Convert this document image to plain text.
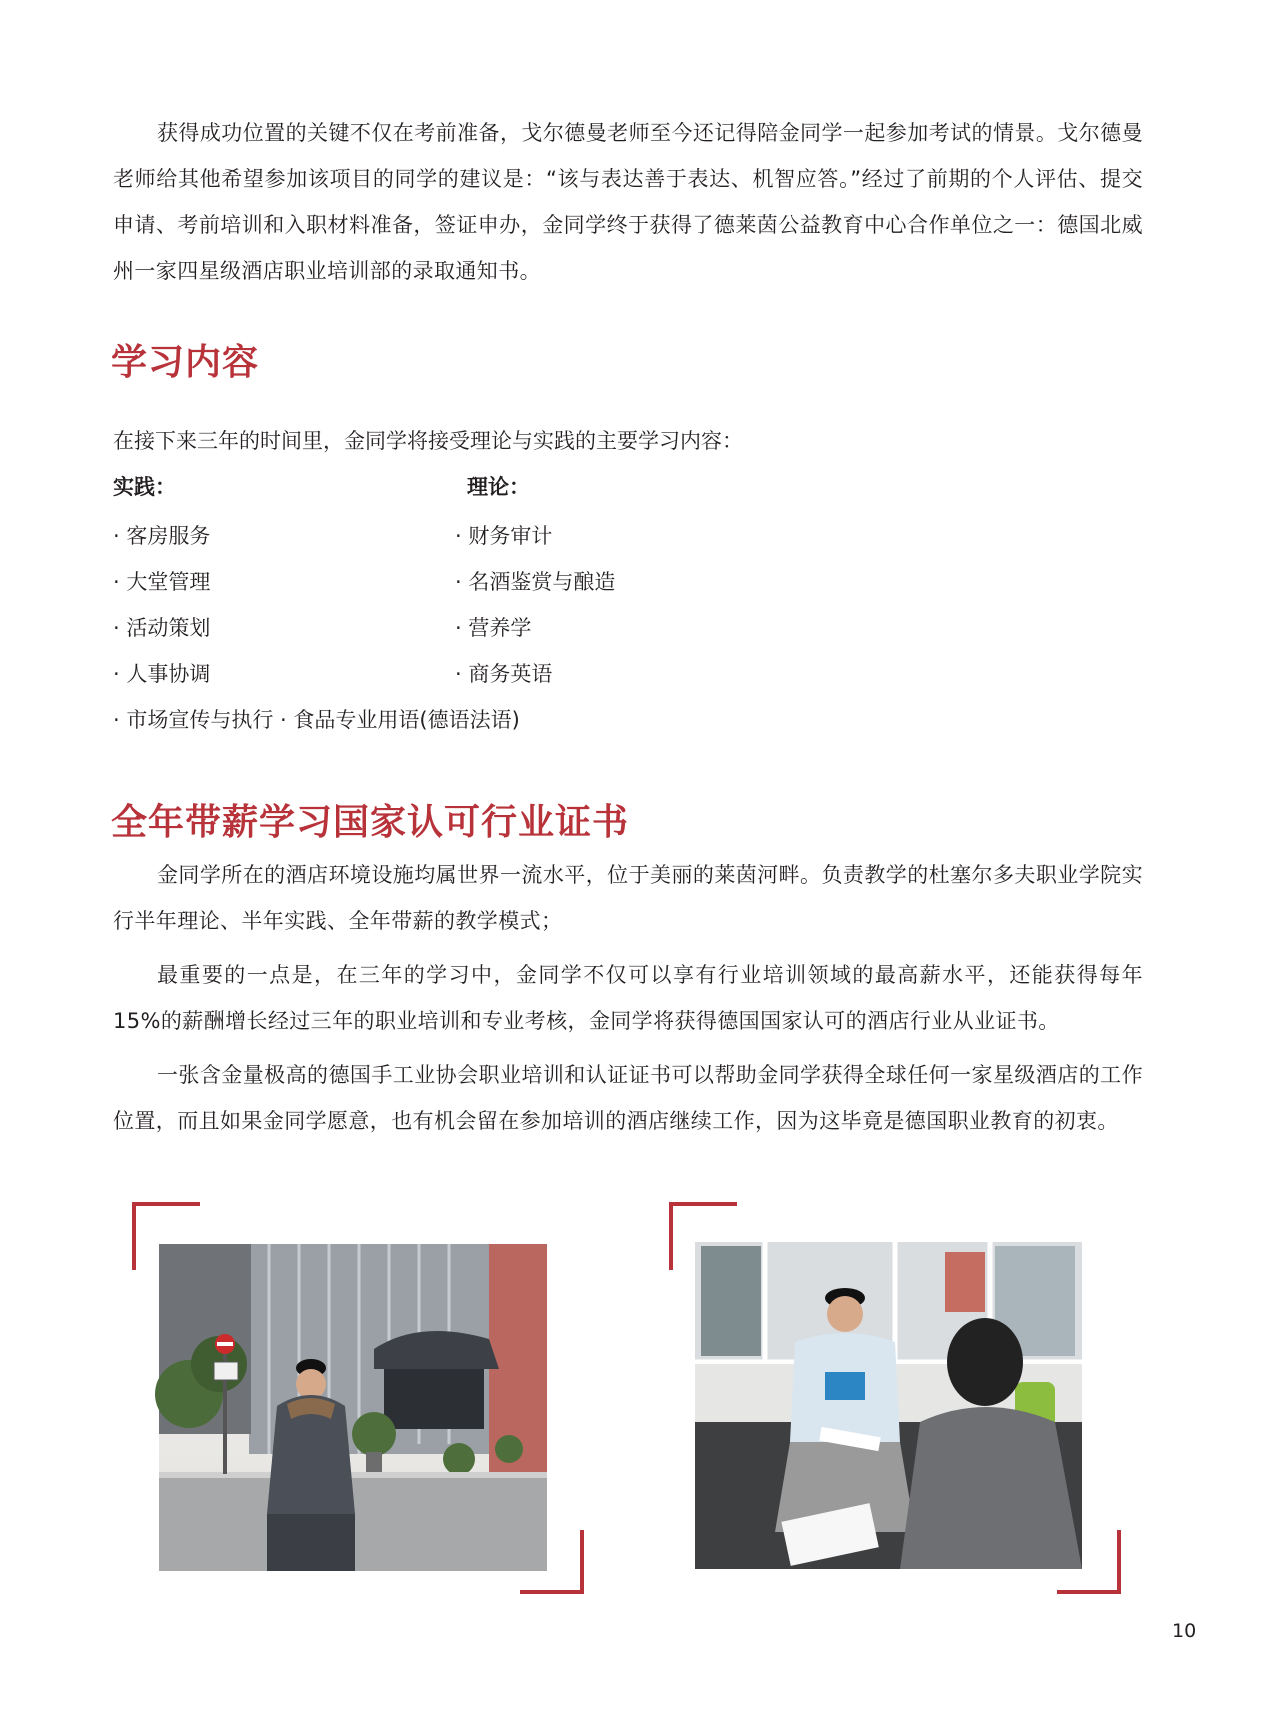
获得成功位置的关键不仅在考前准备，戈尔德曼老师至今还记得陪金同学一起参加考试的情景。戈尔德曼老师给其他希望参加该项目的同学的建议是：“该与表达善于表达、机智应答。”经过了前期的个人评估、提交申请、考前培训和入职材料准备，签证申办，金同学终于获得了德莱茵公益教育中心合作单位之一：德国北威州一家四星级酒店职业培训部的录取通知书。

学习内容
在接下来三年的时间里，金同学将接受理论与实践的主要学习内容：
实践：	理论：
· 客房服务
· 大堂管理
· 活动策划
· 人事协调
· 财务审计
· 名酒鉴赏与酿造
· 营养学
· 商务英语
· 市场宣传与执行 · 食品专业用语(德语法语)
全年带薪学习国家认可行业证书

金同学所在的酒店环境设施均属世界一流水平，位于美丽的莱茵河畔。负责教学的杜塞尔多夫职业学院实行半年理论、半年实践、全年带薪的教学模式；

最重要的一点是，在三年的学习中，金同学不仅可以享有行业培训领域的最高薪水平，还能获得每年15%的薪酬增长经过三年的职业培训和专业考核，金同学将获得德国国家认可的酒店行业从业证书。

一张含金量极高的德国手工业协会职业培训和认证证书可以帮助金同学获得全球任何一家星级酒店的工作位置，而且如果金同学愿意，也有机会留在参加培训的酒店继续工作，因为这毕竟是德国职业教育的初衷。

10
